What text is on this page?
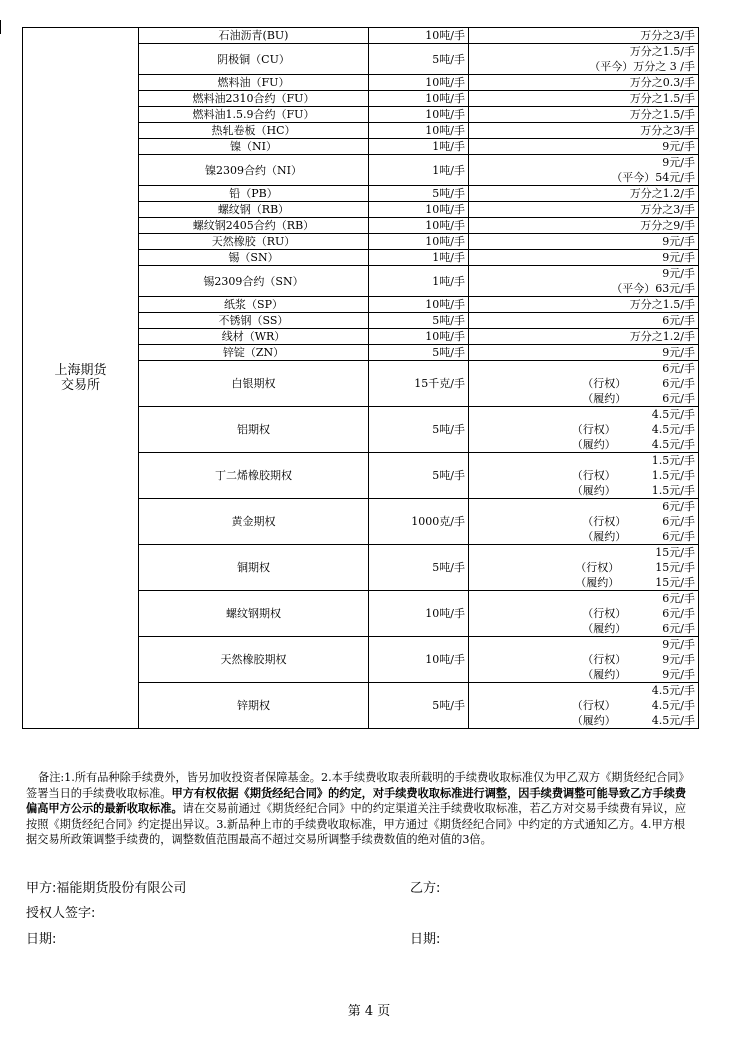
上海期货
交易所	石油沥青(BU)	10吨/手	万分之3/手

	阴极铜（CU）	5吨/手	万分之1.5/手
（平今）万分之 3 /手

	燃料油（FU）	10吨/手	万分之0.3/手

	燃料油2310合约（FU）	10吨/手	万分之1.5/手

	燃料油1.5.9合约（FU）	10吨/手	万分之1.5/手

	热轧卷板（HC）	10吨/手	万分之3/手

	镍（NI）	1吨/手	9元/手

	镍2309合约（NI）	1吨/手	9元/手
（平今）54元/手

	铅（PB）	5吨/手	万分之1.2/手

	螺纹钢（RB）	10吨/手	万分之3/手

	螺纹钢2405合约（RB）	10吨/手	万分之9/手

	天然橡胶（RU）	10吨/手	9元/手

	锡（SN）	1吨/手	9元/手

	锡2309合约（SN）	1吨/手	9元/手
（平今）63元/手

	纸浆（SP）	10吨/手	万分之1.5/手

	不锈钢（SS）	5吨/手	6元/手

	线材（WR）	10吨/手	万分之1.2/手

	锌锭（ZN）	5吨/手	9元/手

	白银期权	15千克/手	6元/手
（行权） 6元/手
（履约） 6元/手

	铝期权	5吨/手	4.5元/手
（行权） 4.5元/手
（履约） 4.5元/手

	丁二烯橡胶期权	5吨/手	1.5元/手
（行权） 1.5元/手
（履约） 1.5元/手

	黄金期权	1000克/手	6元/手
（行权） 6元/手
（履约） 6元/手

	铜期权	5吨/手	15元/手
（行权） 15元/手
（履约） 15元/手

	螺纹钢期权	10吨/手	6元/手
（行权） 6元/手
（履约） 6元/手

	天然橡胶期权	10吨/手	9元/手
（行权） 9元/手
（履约） 9元/手

	锌期权	5吨/手	4.5元/手
（行权） 4.5元/手
（履约） 4.5元/手
备注:1.所有品种除手续费外，皆另加收投资者保障基金。2.本手续费收取表所载明的手续费收取标准仅为甲乙双方《期货经纪合同》签署当日的手续费收取标准。甲方有权依据《期货经纪合同》的约定，对手续费收取标准进行调整，因手续费调整可能导致乙方手续费偏高甲方公示的最新收取标准。请在交易前通过《期货经纪合同》中的约定渠道关注手续费收取标准，若乙方对交易手续费有异议，应按照《期货经纪合同》约定提出异议。3.新品种上市的手续费收取标准，甲方通过《期货经纪合同》中约定的方式通知乙方。4.甲方根据交易所政策调整手续费的，调整数值范围最高不超过交易所调整手续费数值的绝对值的3倍。
甲方:福能期货股份有限公司	乙方:
授权人签字:
日期:	日期:
第 4 页
